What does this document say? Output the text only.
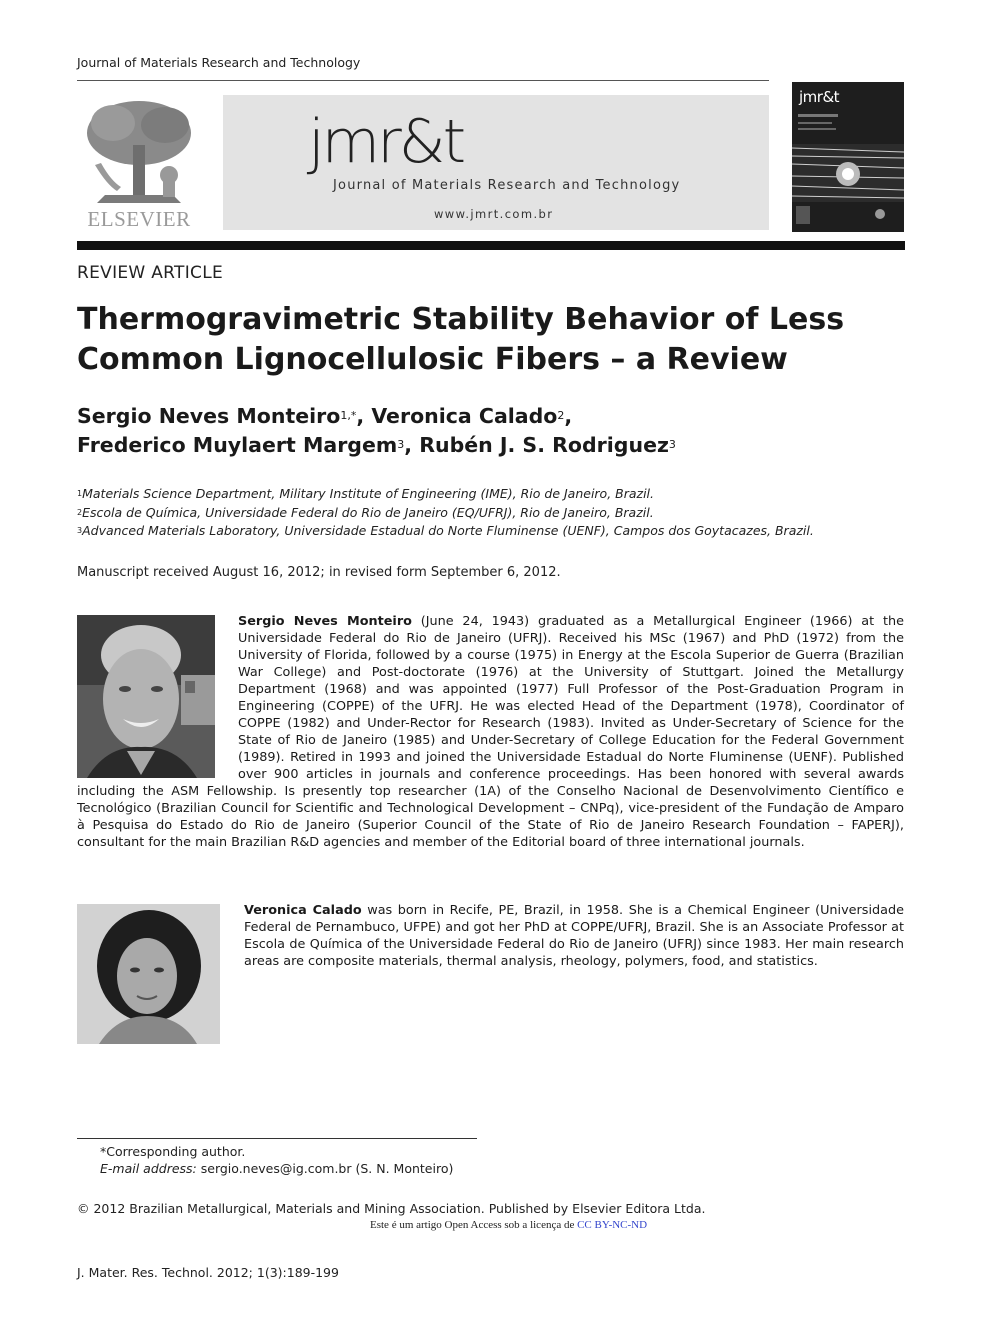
Journal of Materials Research and Technology
ELSEVIER
jmr&t
Journal of Materials Research and Technology
www.jmrt.com.br
jmr&t
REVIEW ARTICLE
Thermogravimetric Stability Behavior of Less Common Lignocellulosic Fibers – a Review
Sergio Neves Monteiro$^{1,*}$, Veronica Calado$^2$,
Frederico Muylaert Margem$^3$, Rubén J. S. Rodriguez$^3$
$^1$Materials Science Department, Military Institute of Engineering (IME), Rio de Janeiro, Brazil.
$^2$Escola de Química, Universidade Federal do Rio de Janeiro (EQ/UFRJ), Rio de Janeiro, Brazil.
$^3$Advanced Materials Laboratory, Universidade Estadual do Norte Fluminense (UENF), Campos dos Goytacazes, Brazil.
Manuscript received August 16, 2012; in revised form September 6, 2012.

Sergio Neves Monteiro (June 24, 1943) graduated as a Metallurgical Engineer (1966) at the Universidade Federal do Rio de Janeiro (UFRJ). Received his MSc (1967) and PhD (1972) from the University of Florida, followed by a course (1975) in Energy at the Escola Superior de Guerra (Brazilian War College) and Post-doctorate (1976) at the University of Stuttgart. Joined the Metallurgy Department (1968) and was appointed (1977) Full Professor of the Post-Graduation Program in Engineering (COPPE) of the UFRJ. He was elected Head of the Department (1978), Coordinator of COPPE (1982) and Under-Rector for Research (1983). Invited as Under-Secretary of Science for the State of Rio de Janeiro (1985) and Under-Secretary of College Education for the Federal Government (1989). Retired in 1993 and joined the Universidade Estadual do Norte Fluminense (UENF). Published over 900 articles in journals and conference proceedings. Has been honored with several awards including the ASM Fellowship. Is presently top researcher (1A) of the Conselho Nacional de Desenvolvimento Científico e Tecnológico (Brazilian Council for Scientific and Technological Development – CNPq), vice-president of the Fundação de Amparo à Pesquisa do Estado do Rio de Janeiro (Superior Council of the State of Rio de Janeiro Research Foundation – FAPERJ), consultant for the main Brazilian R&D agencies and member of the Editorial board of three international journals.

Veronica Calado was born in Recife, PE, Brazil, in 1958. She is a Chemical Engineer (Universidade Federal de Pernambuco, UFPE) and got her PhD at COPPE/UFRJ, Brazil. She is an Associate Professor at Escola de Química of the Universidade Federal do Rio de Janeiro (UFRJ) since 1983. Her main research areas are composite materials, thermal analysis, rheology, polymers, food, and statistics.

*Corresponding author.
E-mail address: sergio.neves@ig.com.br (S. N. Monteiro)
© 2012 Brazilian Metallurgical, Materials and Mining Association. Published by Elsevier Editora Ltda.
Este é um artigo Open Access sob a licença de CC BY-NC-ND
J. Mater. Res. Technol. 2012; 1(3):189-199
